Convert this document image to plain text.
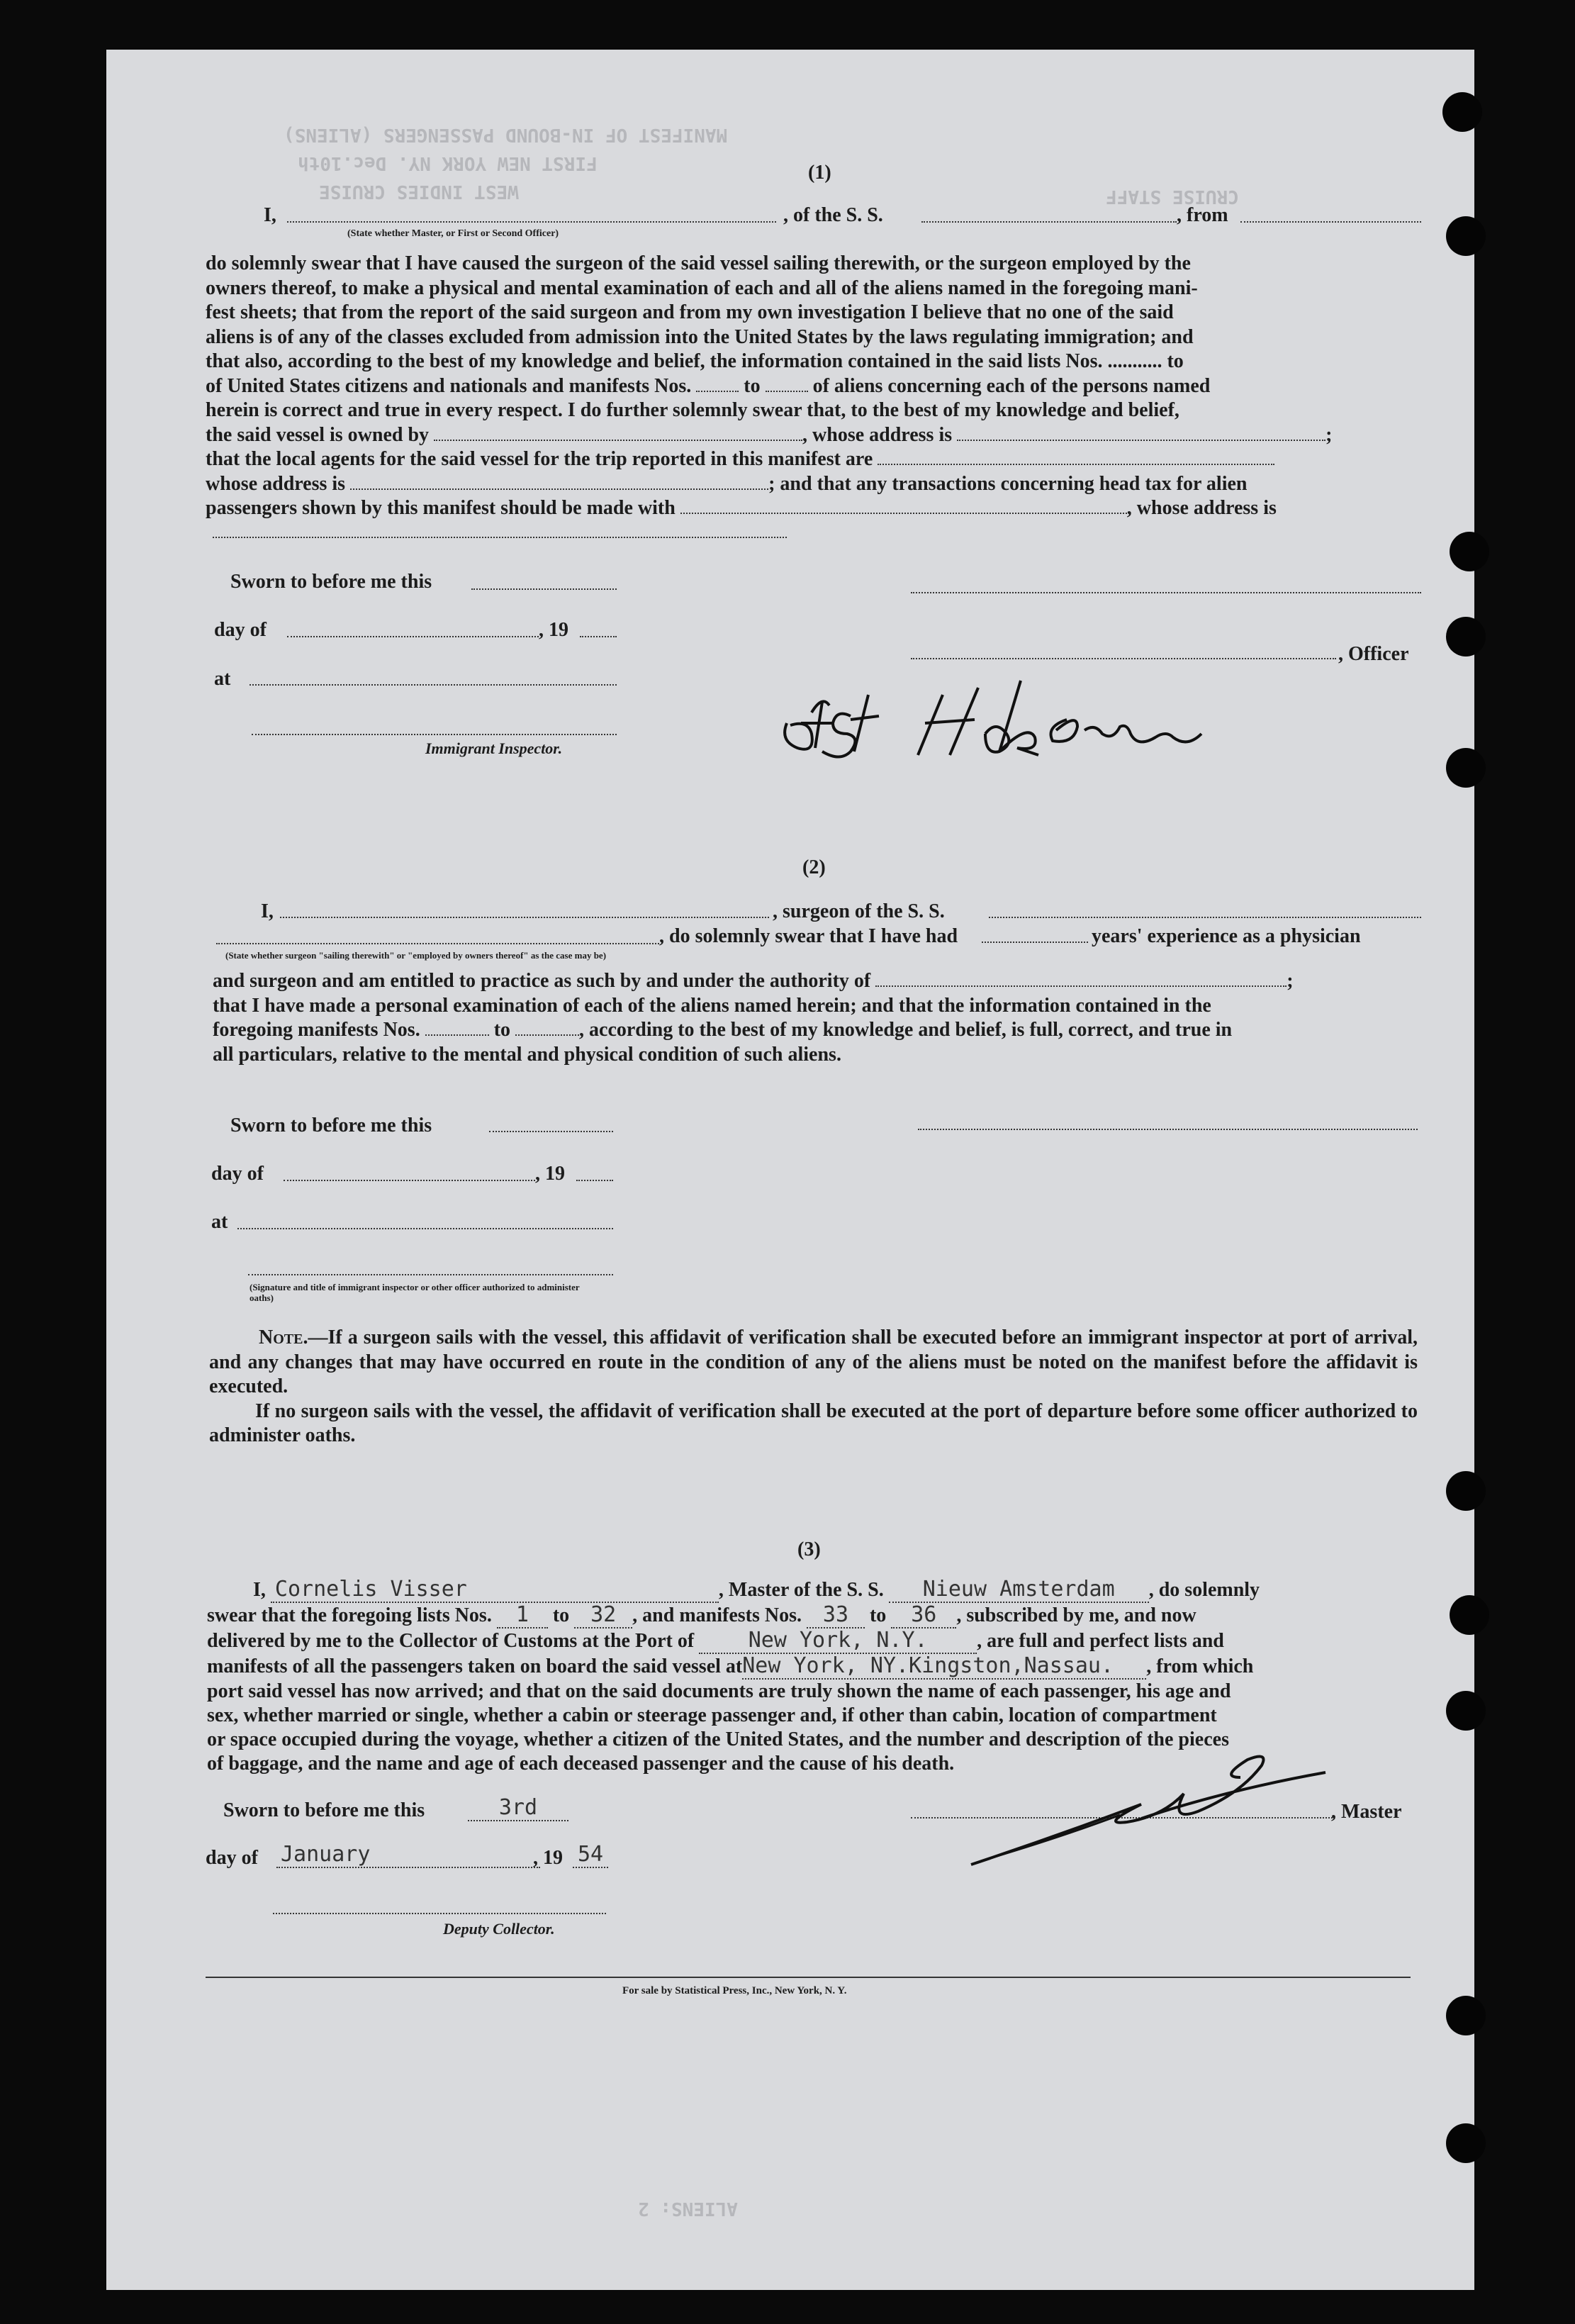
MANIFEST OF IN-BOUND PASSENGERS (ALIENS)
FIRST NEW YORK NY. Dec.10th
WEST INDIES CRUISE	CRUISE STAFF
ALIENS: 2
(1)
I,
(State whether Master, or First or Second Officer)
, of the S. S.	, from

do solemnly swear that I have caused the surgeon of the said vessel sailing therewith, or the surgeon employed by the

owners thereof, to make a physical and mental examination of each and all of the aliens named in the foregoing mani-

fest sheets; that from the report of the said surgeon and from my own investigation I believe that no one of the said

aliens is of any of the classes excluded from admission into the United States by the laws regulating immigration; and

that also, according to the best of my knowledge and belief, the information contained in the said lists Nos. ........... to

of United States citizens and nationals and manifests Nos.	to	of aliens concerning each of the persons named

herein is correct and true in every respect. I do further solemnly swear that, to the best of my knowledge and belief,

the said vessel is owned by	, whose address is	;

that the local agents for the said vessel for the trip reported in this manifest are

whose address is	; and that any transactions concerning head tax for alien

passengers shown by this manifest should be made with	, whose address is

Sworn to before me this
day of	, 19
at
Immigrant Inspector.
, Officer
(2)
I,	, surgeon of the S. S.
(State whether surgeon "sailing therewith" or "employed by owners thereof" as the case may be)
, do solemnly swear that I have had	years' experience as a physician

and surgeon and am entitled to practice as such by and under the authority of	;

that I have made a personal examination of each of the aliens named herein; and that the information contained in the

foregoing manifests Nos.	to	, according to the best of my knowledge and belief, is full, correct, and true in

all particulars, relative to the mental and physical condition of such aliens.

Sworn to before me this
day of	, 19
at
(Signature and title of immigrant inspector or other officer authorized to administer oaths)

Note.—If a surgeon sails with the vessel, this affidavit of verification shall be executed before an immigrant inspector at port of arrival, and any changes that may have occurred en route in the condition of any of the aliens must be noted on the manifest before the affidavit is executed.

If no surgeon sails with the vessel, the affidavit of verification shall be executed at the port of departure before some officer authorized to administer oaths.

(3)

I, Cornelis Visser	, Master of the S. S. Nieuw Amsterdam , do solemnly

swear that the foregoing lists Nos. 1 to 32 , and manifests Nos. 33 to 36 , subscribed by me, and now

delivered by me to the Collector of Customs at the Port of	New York, N.Y. , are full and perfect lists and

manifests of all the passengers taken on board the said vessel atNew York, NY.Kingston,Nassau. , from which

port said vessel has now arrived; and that on the said documents are truly shown the name of each passenger, his age and

sex, whether married or single, whether a cabin or steerage passenger and, if other than cabin, location of compartment

or space occupied during the voyage, whether a citizen of the United States, and the number and description of the pieces

of baggage, and the name and age of each deceased passenger and the cause of his death.

Sworn to before me this	3rd
day of January	, 19 54
Deputy Collector.
, Master
For sale by Statistical Press, Inc., New York, N. Y.
